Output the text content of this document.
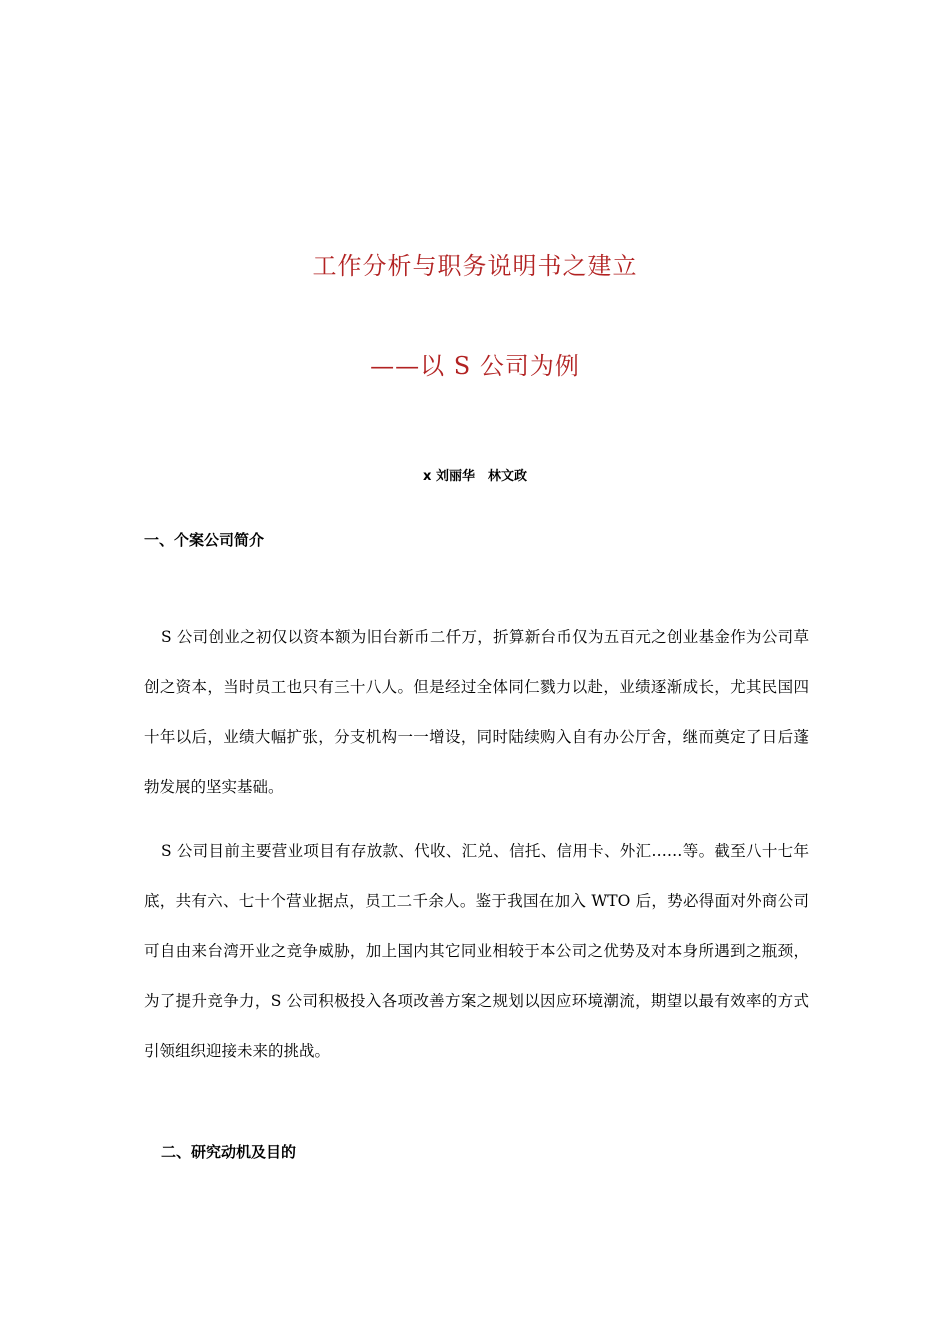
工作分析与职务说明书之建立
——以 S 公司为例
x 刘丽华　林文政
一、个案公司简介

S 公司创业之初仅以资本额为旧台新币二仟万，折算新台币仅为五百元之创业基金作为公司草创之资本，当时员工也只有三十八人。但是经过全体同仁戮力以赴，业绩逐渐成长，尤其民国四十年以后，业绩大幅扩张，分支机构一一增设，同时陆续购入自有办公厅舍，继而奠定了日后蓬勃发展的坚实基础。

S 公司目前主要营业项目有存放款、代收、汇兑、信托、信用卡、外汇……等。截至八十七年底，共有六、七十个营业据点，员工二千余人。鉴于我国在加入 WTO 后，势必得面对外商公司可自由来台湾开业之竞争威胁，加上国内其它同业相较于本公司之优势及对本身所遇到之瓶颈，为了提升竞争力，S 公司积极投入各项改善方案之规划以因应环境潮流，期望以最有效率的方式引领组织迎接未来的挑战。

二、研究动机及目的
